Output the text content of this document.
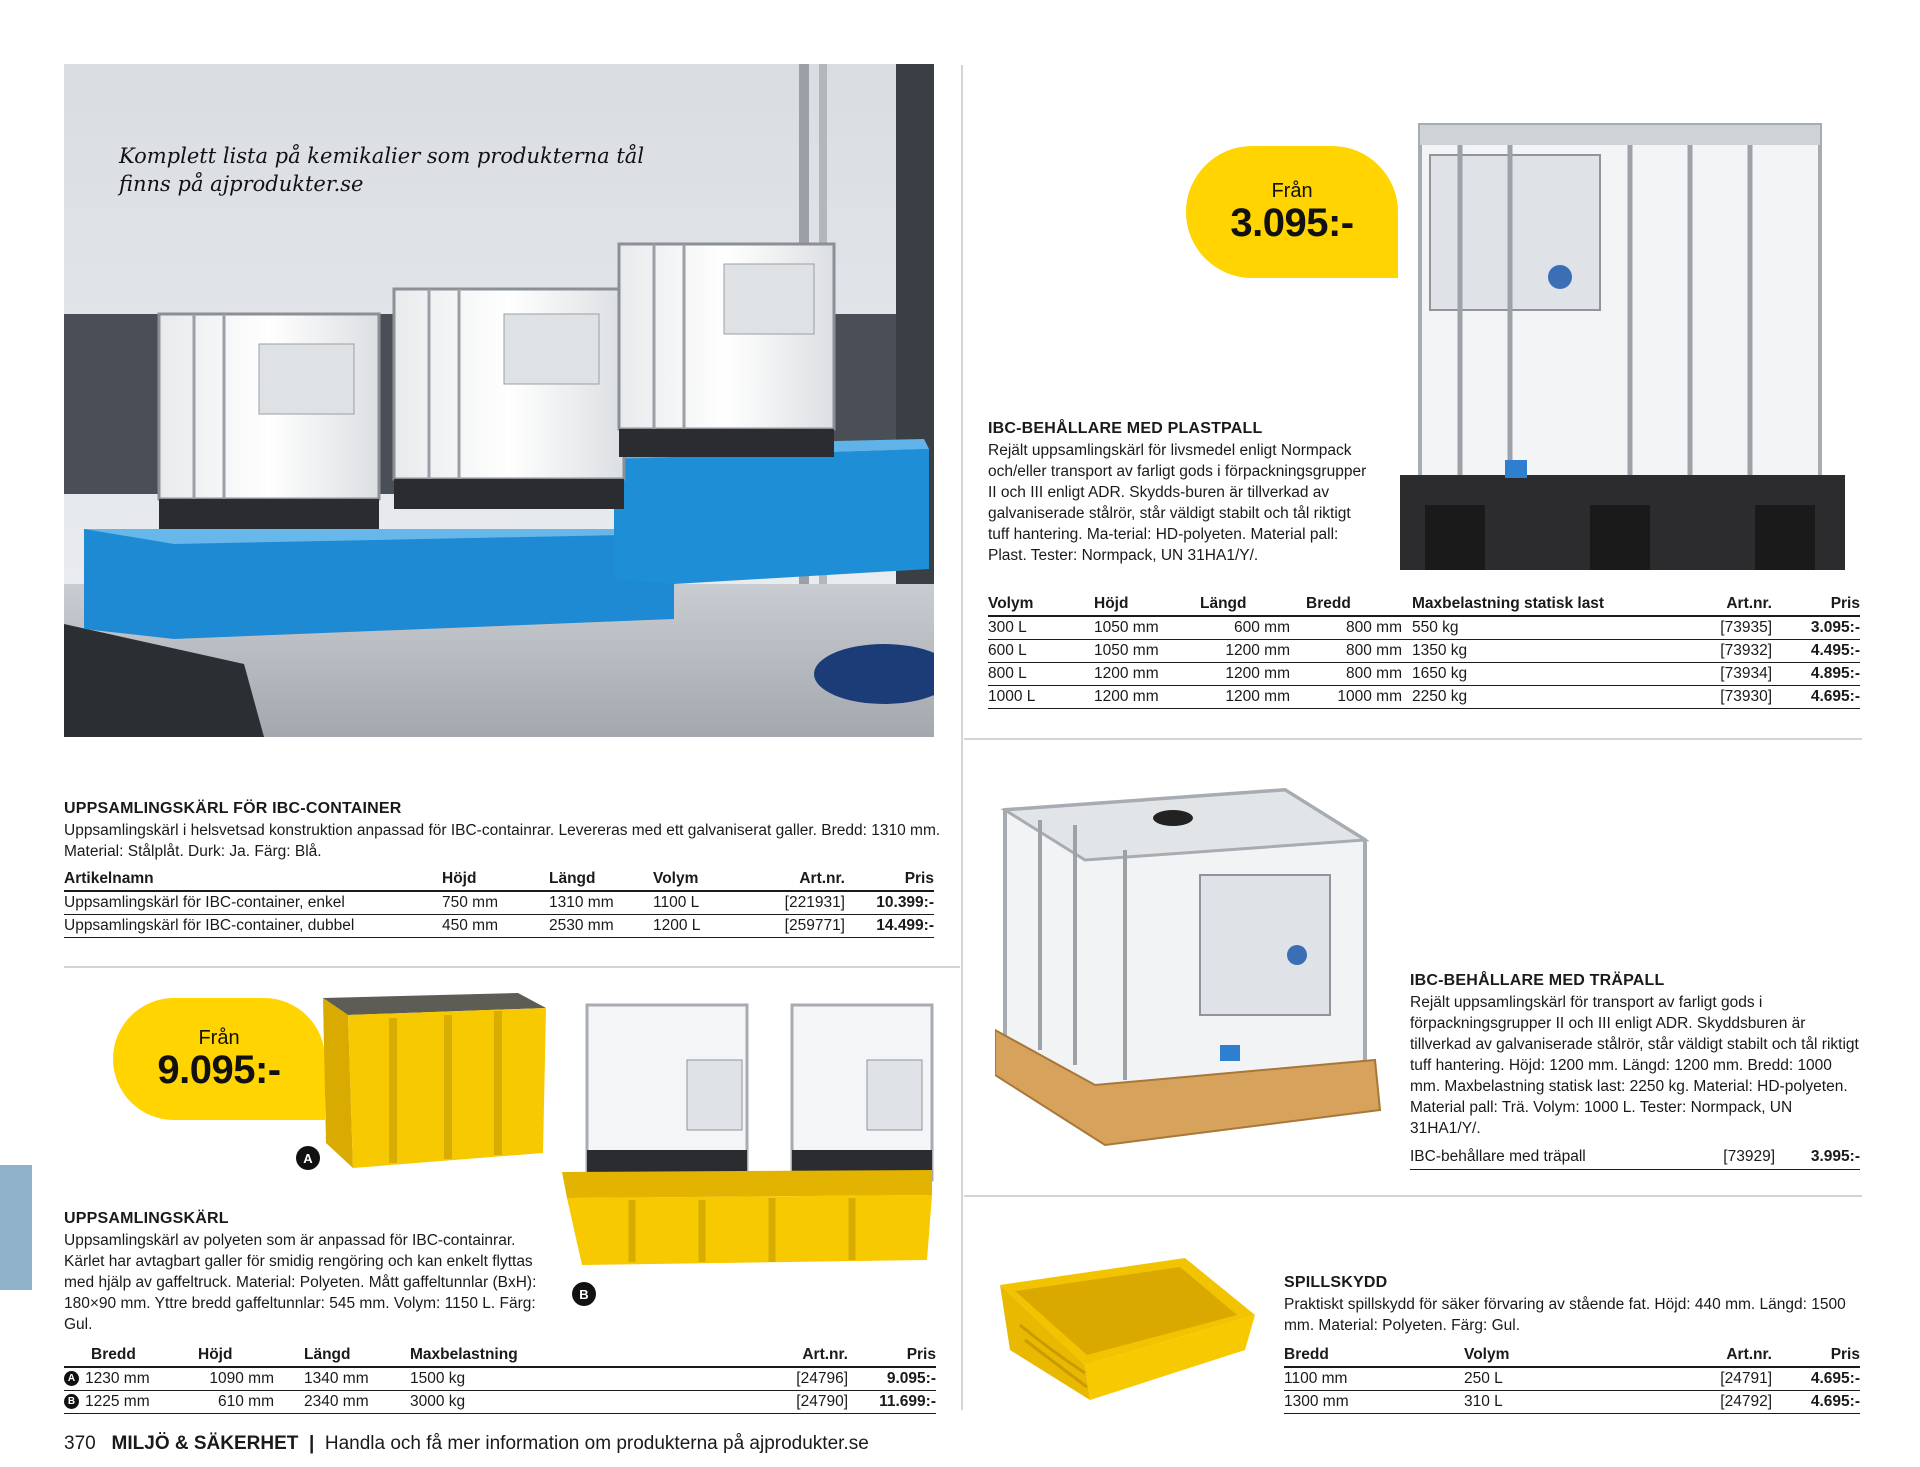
Komplett lista på kemikalier som produkterna tål
finns på ajprodukter.se	Från
3.095:-
IBC-BEHÅLLARE MED PLASTPALL
Rejält uppsamlingskärl för livsmedel enligt Normpack och/eller transport av farligt gods i förpackningsgrupper II och III enligt ADR. Skydds-buren är tillverkad av galvaniserade stålrör, står väldigt stabilt och tål riktigt tuff hantering. Ma-terial: HD-polyeten. Material pall: Plast. Tester: Normpack, UN 31HA1/Y/.
Volym	Höjd	Längd	Bredd	Maxbelastning statisk last	Art.nr.	Pris
300 L	1050 mm	600 mm	800 mm	550 kg	[73935]	3.095:-
600 L	1050 mm	1200 mm	800 mm	1350 kg	[73932]	4.495:-
800 L	1200 mm	1200 mm	800 mm	1650 kg	[73934]	4.895:-
1000 L	1200 mm	1200 mm	1000 mm	2250 kg	[73930]	4.695:-
UPPSAMLINGSKÄRL FÖR IBC-CONTAINER
Uppsamlingskärl i helsvetsad konstruktion anpassad för IBC-containrar. Levereras med ett galvaniserat galler. Bredd: 1310 mm. Material: Stålplåt. Durk: Ja. Färg: Blå.
Artikelnamn	Höjd	Längd	Volym	Art.nr.	Pris
Uppsamlingskärl för IBC-container, enkel	750 mm	1310 mm	1100 L	[221931]	10.399:-
Uppsamlingskärl för IBC-container, dubbel	450 mm	2530 mm	1200 L	[259771]	14.499:-
IBC-BEHÅLLARE MED TRÄPALL
Rejält uppsamlingskärl för transport av farligt gods i förpackningsgrupper II och III enligt ADR. Skyddsburen är tillverkad av galvaniserade stålrör, står väldigt stabilt och tål riktigt tuff hantering. Höjd: 1200 mm. Längd: 1200 mm. Bredd: 1000 mm. Maxbelastning statisk last: 2250 kg. Material: HD-polyeten. Material pall: Trä. Volym: 1000 L. Tester: Normpack, UN 31HA1/Y/.
IBC-behållare med träpall	[73929]	3.995:-
Från
9.095:-
A
B
UPPSAMLINGSKÄRL
Uppsamlingskärl av polyeten som är anpassad för IBC-containrar. Kärlet har avtagbart galler för smidig rengöring och kan enkelt flyttas med hjälp av gaffeltruck. Material: Polyeten. Mått gaffeltunnlar (BxH): 180×90 mm. Yttre bredd gaffeltunnlar: 545 mm. Volym: 1150 L. Färg: Gul.
Bredd	Höjd	Längd	Maxbelastning	Art.nr.	Pris
A 1230 mm	1090 mm	1340 mm	1500 kg	[24796]	9.095:-
B 1225 mm	610 mm	2340 mm	3000 kg	[24790]	11.699:-
SPILLSKYDD
Praktiskt spillskydd för säker förvaring av stående fat. Höjd: 440 mm. Längd: 1500 mm. Material: Polyeten. Färg: Gul.
Bredd	Volym	Art.nr.	Pris
1100 mm	250 L	[24791]	4.695:-
1300 mm	310 L	[24792]	4.695:-
370 MILJÖ & SÄKERHET | Handla och få mer information om produkterna på ajprodukter.se
